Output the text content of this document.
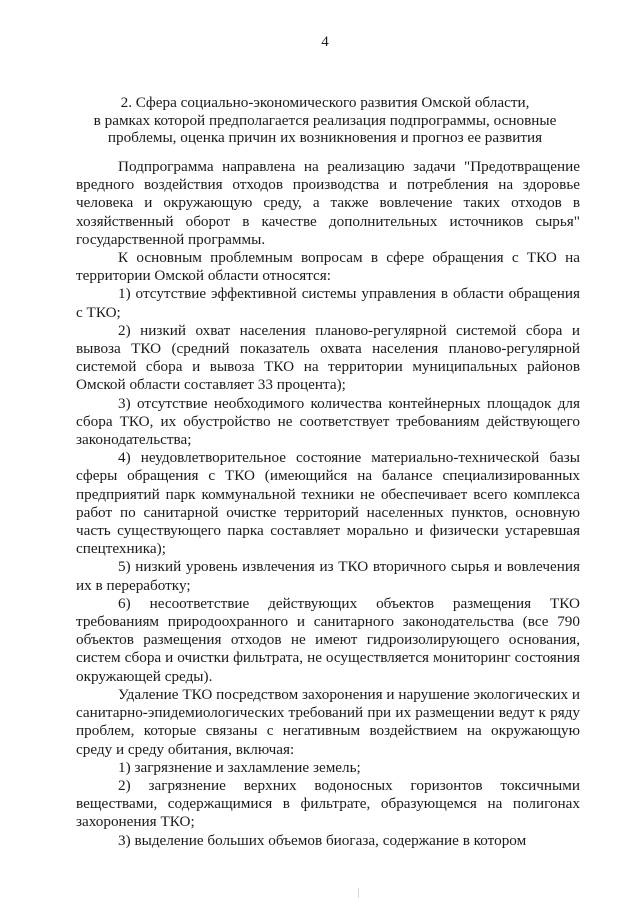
4
2. Сфера социально-экономического развития Омской области,
в рамках которой предполагается реализация подпрограммы, основные
проблемы, оценка причин их возникновения и прогноз ее развития

Подпрограмма направлена на реализацию задачи "Предотвращение вредного воздействия отходов производства и потребления на здоровье человека и окружающую среду, а также вовлечение таких отходов в хозяйственный оборот в качестве дополнительных источников сырья" государственной программы.

К основным проблемным вопросам в сфере обращения с ТКО на территории Омской области относятся:

1) отсутствие эффективной системы управления в области обращения с ТКО;

2) низкий охват населения планово-регулярной системой сбора и вывоза ТКО (средний показатель охвата населения планово-регулярной системой сбора и вывоза ТКО на территории муниципальных районов Омской области составляет 33 процента);

3) отсутствие необходимого количества контейнерных площадок для сбора ТКО, их обустройство не соответствует требованиям действующего законодательства;

4) неудовлетворительное состояние материально-технической базы сферы обращения с ТКО (имеющийся на балансе специализированных предприятий парк коммунальной техники не обеспечивает всего комплекса работ по санитарной очистке территорий населенных пунктов, основную часть существующего парка составляет морально и физически устаревшая спецтехника);

5) низкий уровень извлечения из ТКО вторичного сырья и вовлечения их в переработку;

6) несоответствие действующих объектов размещения ТКО требованиям природоохранного и санитарного законодательства (все 790 объектов размещения отходов не имеют гидроизолирующего основания, систем сбора и очистки фильтрата, не осуществляется мониторинг состояния окружающей среды).

Удаление ТКО посредством захоронения и нарушение экологических и санитарно-эпидемиологических требований при их размещении ведут к ряду проблем, которые связаны с негативным воздействием на окружающую среду и среду обитания, включая:

1) загрязнение и захламление земель;

2) загрязнение верхних водоносных горизонтов токсичными веществами, содержащимися в фильтрате, образующемся на полигонах захоронения ТКО;

3) выделение больших объемов биогаза, содержание в котором
